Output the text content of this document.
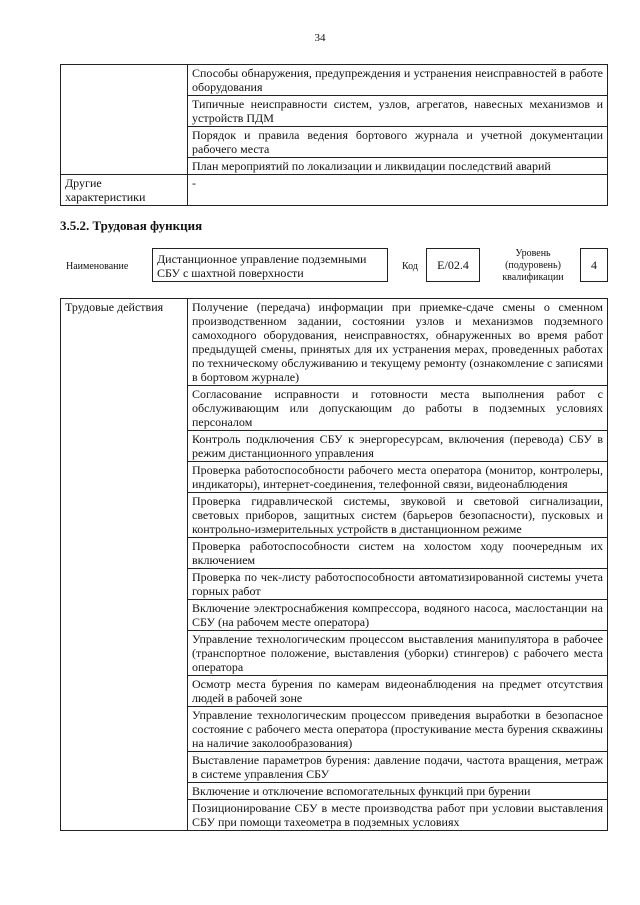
34
	Способы обнаружения, предупреждения и устранения неисправностей в работе оборудования
	Типичные неисправности систем, узлов, агрегатов, навесных механизмов и устройств ПДМ
	Порядок и правила ведения бортового журнала и учетной документации рабочего места
	План мероприятий по локализации и ликвидации последствий аварий
Другие характеристики	-
3.5.2. Трудовая функция
Наименование
Дистанционное управление подземными СБУ с шахтной поверхности	Код	E/02.4
Уровень (подуровень) квалификации
4
Трудовые действия	Получение (передача) информации при приемке-сдаче смены о сменном производственном задании, состоянии узлов и механизмов подземного самоходного оборудования, неисправностях, обнаруженных во время работ предыдущей смены, принятых для их устранения мерах, проведенных работах по техническому обслуживанию и текущему ремонту (ознакомление с записями в бортовом журнале)
Согласование исправности и готовности места выполнения работ с обслуживающим или допускающим до работы в подземных условиях персоналом
Контроль подключения СБУ к энергоресурсам, включения (перевода) СБУ в режим дистанционного управления
Проверка работоспособности рабочего места оператора (монитор, контролеры, индикаторы), интернет-соединения, телефонной связи, видеонаблюдения
Проверка гидравлической системы, звуковой и световой сигнализации, световых приборов, защитных систем (барьеров безопасности), пусковых и контрольно-измерительных устройств в дистанционном режиме
Проверка работоспособности систем на холостом ходу поочередным их включением
Проверка по чек-листу работоспособности автоматизированной системы учета горных работ
Включение электроснабжения компрессора, водяного насоса, маслостанции на СБУ (на рабочем месте оператора)
Управление технологическим процессом выставления манипулятора в рабочее (транспортное положение, выставления (уборки) стингеров) с рабочего места оператора
Осмотр места бурения по камерам видеонаблюдения на предмет отсутствия людей в рабочей зоне
Управление технологическим процессом приведения выработки в безопасное состояние с рабочего места оператора (простукивание места бурения скважины на наличие заколообразования)
Выставление параметров бурения: давление подачи, частота вращения, метраж в системе управления СБУ
Включение и отключение вспомогательных функций при бурении
Позиционирование СБУ в месте производства работ при условии выставления СБУ при помощи тахеометра в подземных условиях
